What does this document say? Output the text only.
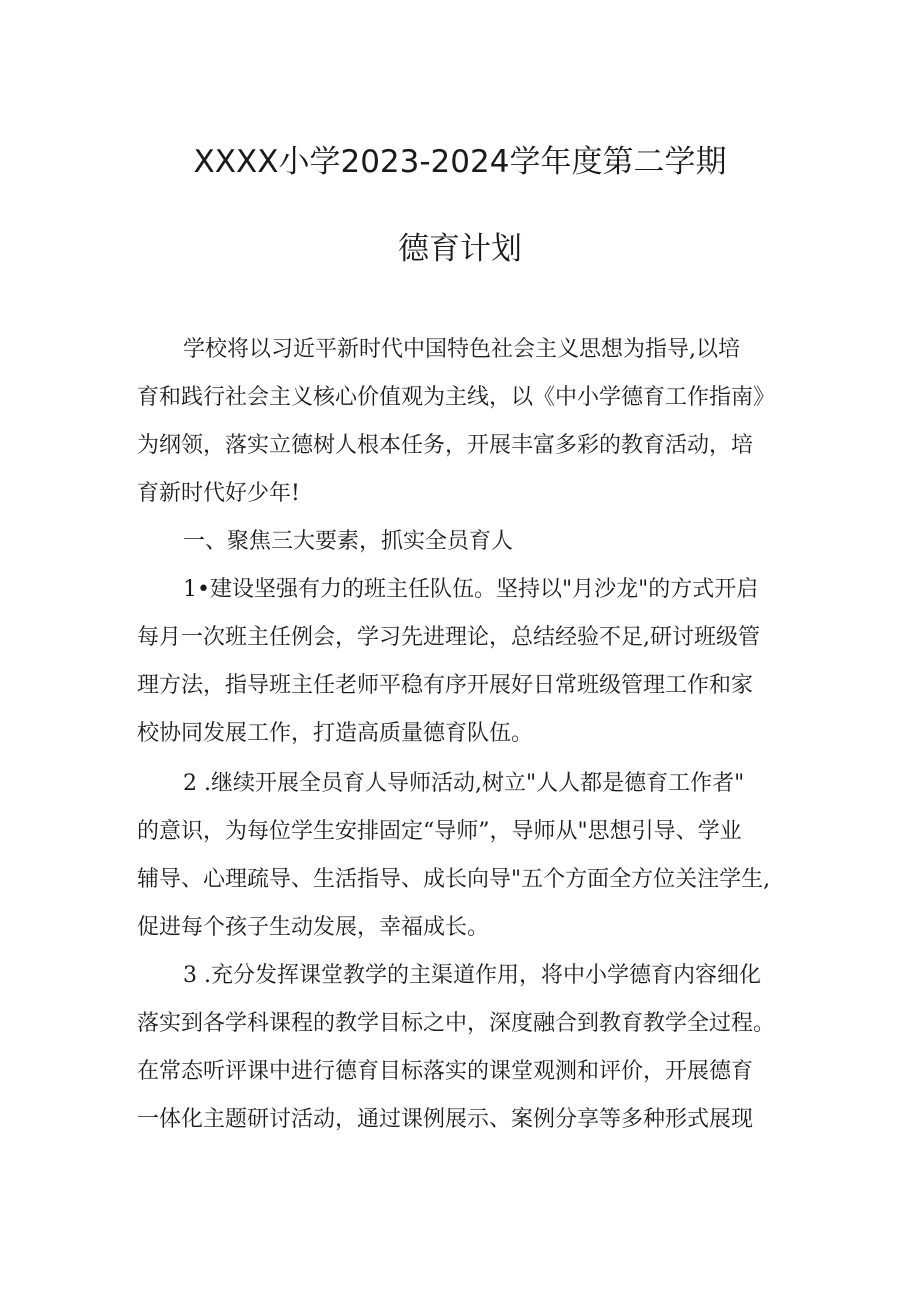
XXXX小学2023-2024学年度第二学期
德育计划

学校将以习近平新时代中国特色社会主义思想为指导,以培

育和践行社会主义核心价值观为主线，以《中小学德育工作指南》

为纲领，落实立德树人根本任务，开展丰富多彩的教育活动，培

育新时代好少年!

一、聚焦三大要素，抓实全员育人

1•建设坚强有力的班主任队伍。坚持以"月沙龙"的方式开启

每月一次班主任例会，学习先进理论，总结经验不足,研讨班级管

理方法，指导班主任老师平稳有序开展好日常班级管理工作和家

校协同发展工作，打造高质量德育队伍。

2 .继续开展全员育人导师活动,树立"人人都是德育工作者"

的意识，为每位学生安排固定“导师”，导师从"思想引导、学业

辅导、心理疏导、生活指导、成长向导"五个方面全方位关注学生,

促进每个孩子生动发展，幸福成长。

3 .充分发挥课堂教学的主渠道作用，将中小学德育内容细化

落实到各学科课程的教学目标之中，深度融合到教育教学全过程。

在常态听评课中进行德育目标落实的课堂观测和评价，开展德育

一体化主题研讨活动，通过课例展示、案例分享等多种形式展现
